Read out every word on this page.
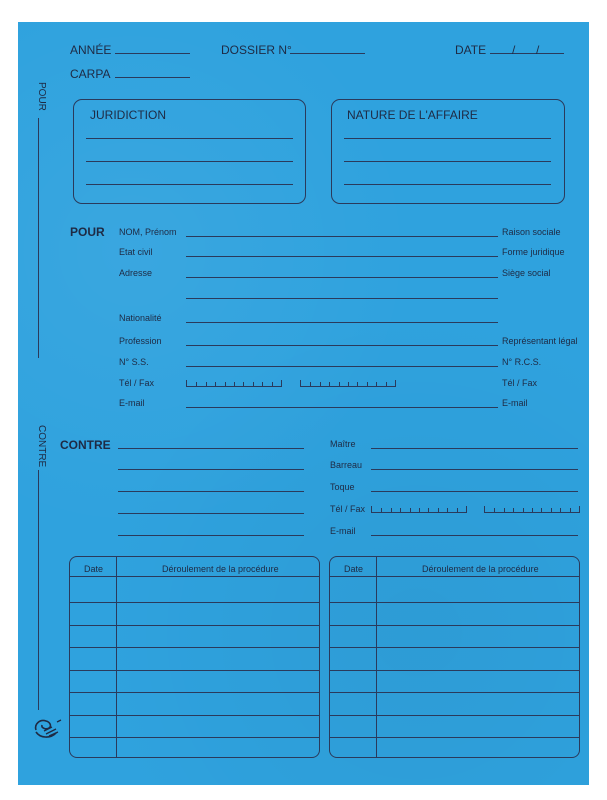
ANNÉE	DOSSIER N°	DATE / /
CARPA
POUR
CONTRE
JURIDICTION	NATURE DE L'AFFAIRE
POUR NOM, Prénom	Raison sociale
Etat civil	Forme juridique
Adresse	Siège social
Nationalité
Profession	Représentant légal
N° S.S.	N° R.C.S.
Tél / Fax	Tél / Fax
E-mail	E-mail
CONTRE	Maître
Barreau
Toque
Tél / Fax
E-mail
Date	Déroulement de la procédure	Date	Déroulement de la procédure
